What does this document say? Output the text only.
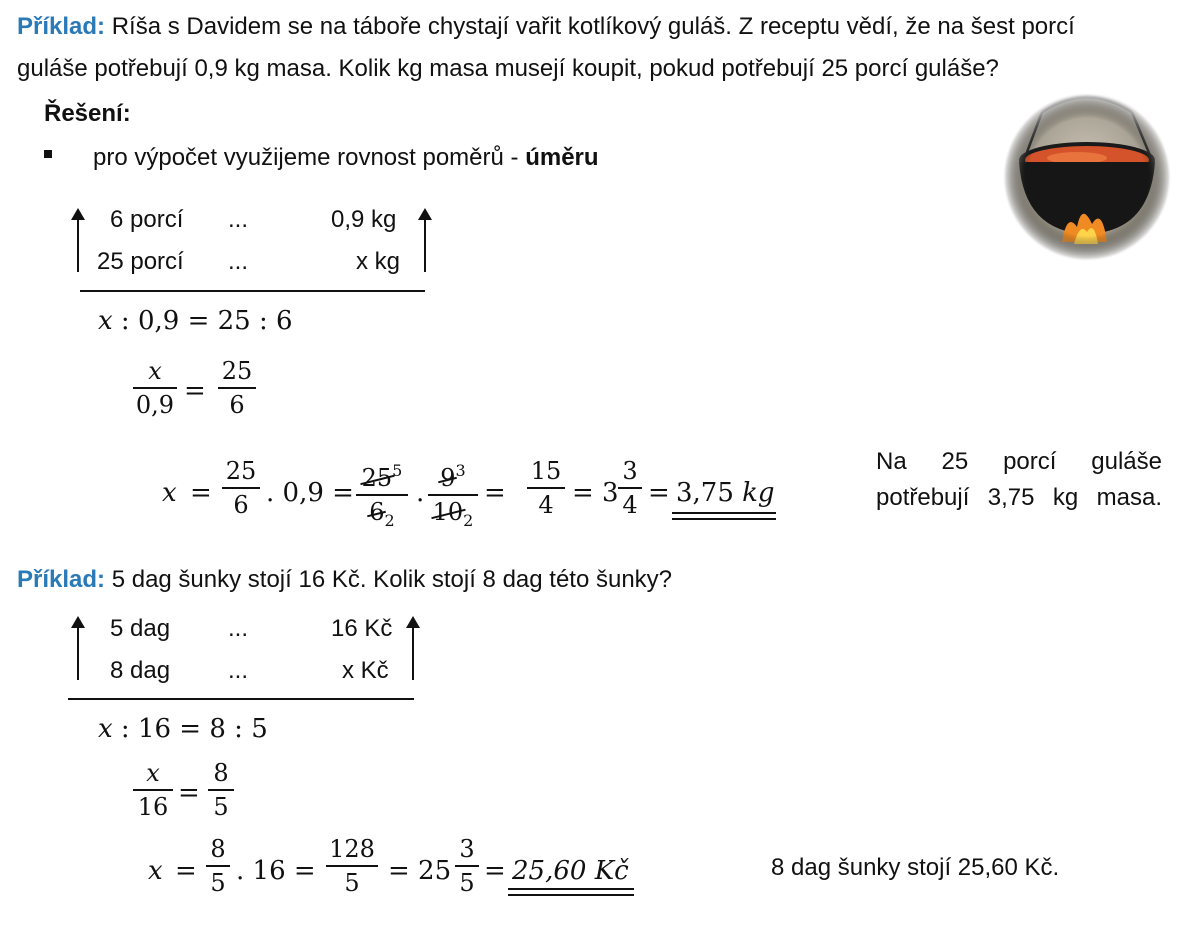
Příklad: Ríša s Davidem se na táboře chystají vařit kotlíkový guláš. Z receptu vědí, že na šest porcí
guláše potřebují 0,9 kg masa. Kolik kg masa musejí koupit, pokud potřebují 25 porcí guláše?
Řešení:
pro výpočet využijeme rovnost poměrů - úměru
6 porcí ...	0,9 kg
25 porcí ...	x kg
x : 0,9 = 25 : 6
x
0,9 =
25
6
x =
25
6 . $0,9 = 25^5$
$6_2$
. $9^3$
$10_2$
=
15
4 = 3
3
4 = 3,75 kg
Na 25 porcí guláše potřebují 3,75 kg masa.
Příklad: 5 dag šunky stojí 16 Kč. Kolik stojí 8 dag této šunky?
5 dag ...	16 Kč
8 dag ...	x Kč
x : 16 = 8 : 5
x
16 =
8
5
x =
8
5 . 16 =
128
5	= 25
3
5 = 25,60 Kč	8 dag šunky stojí 25,60 Kč.
